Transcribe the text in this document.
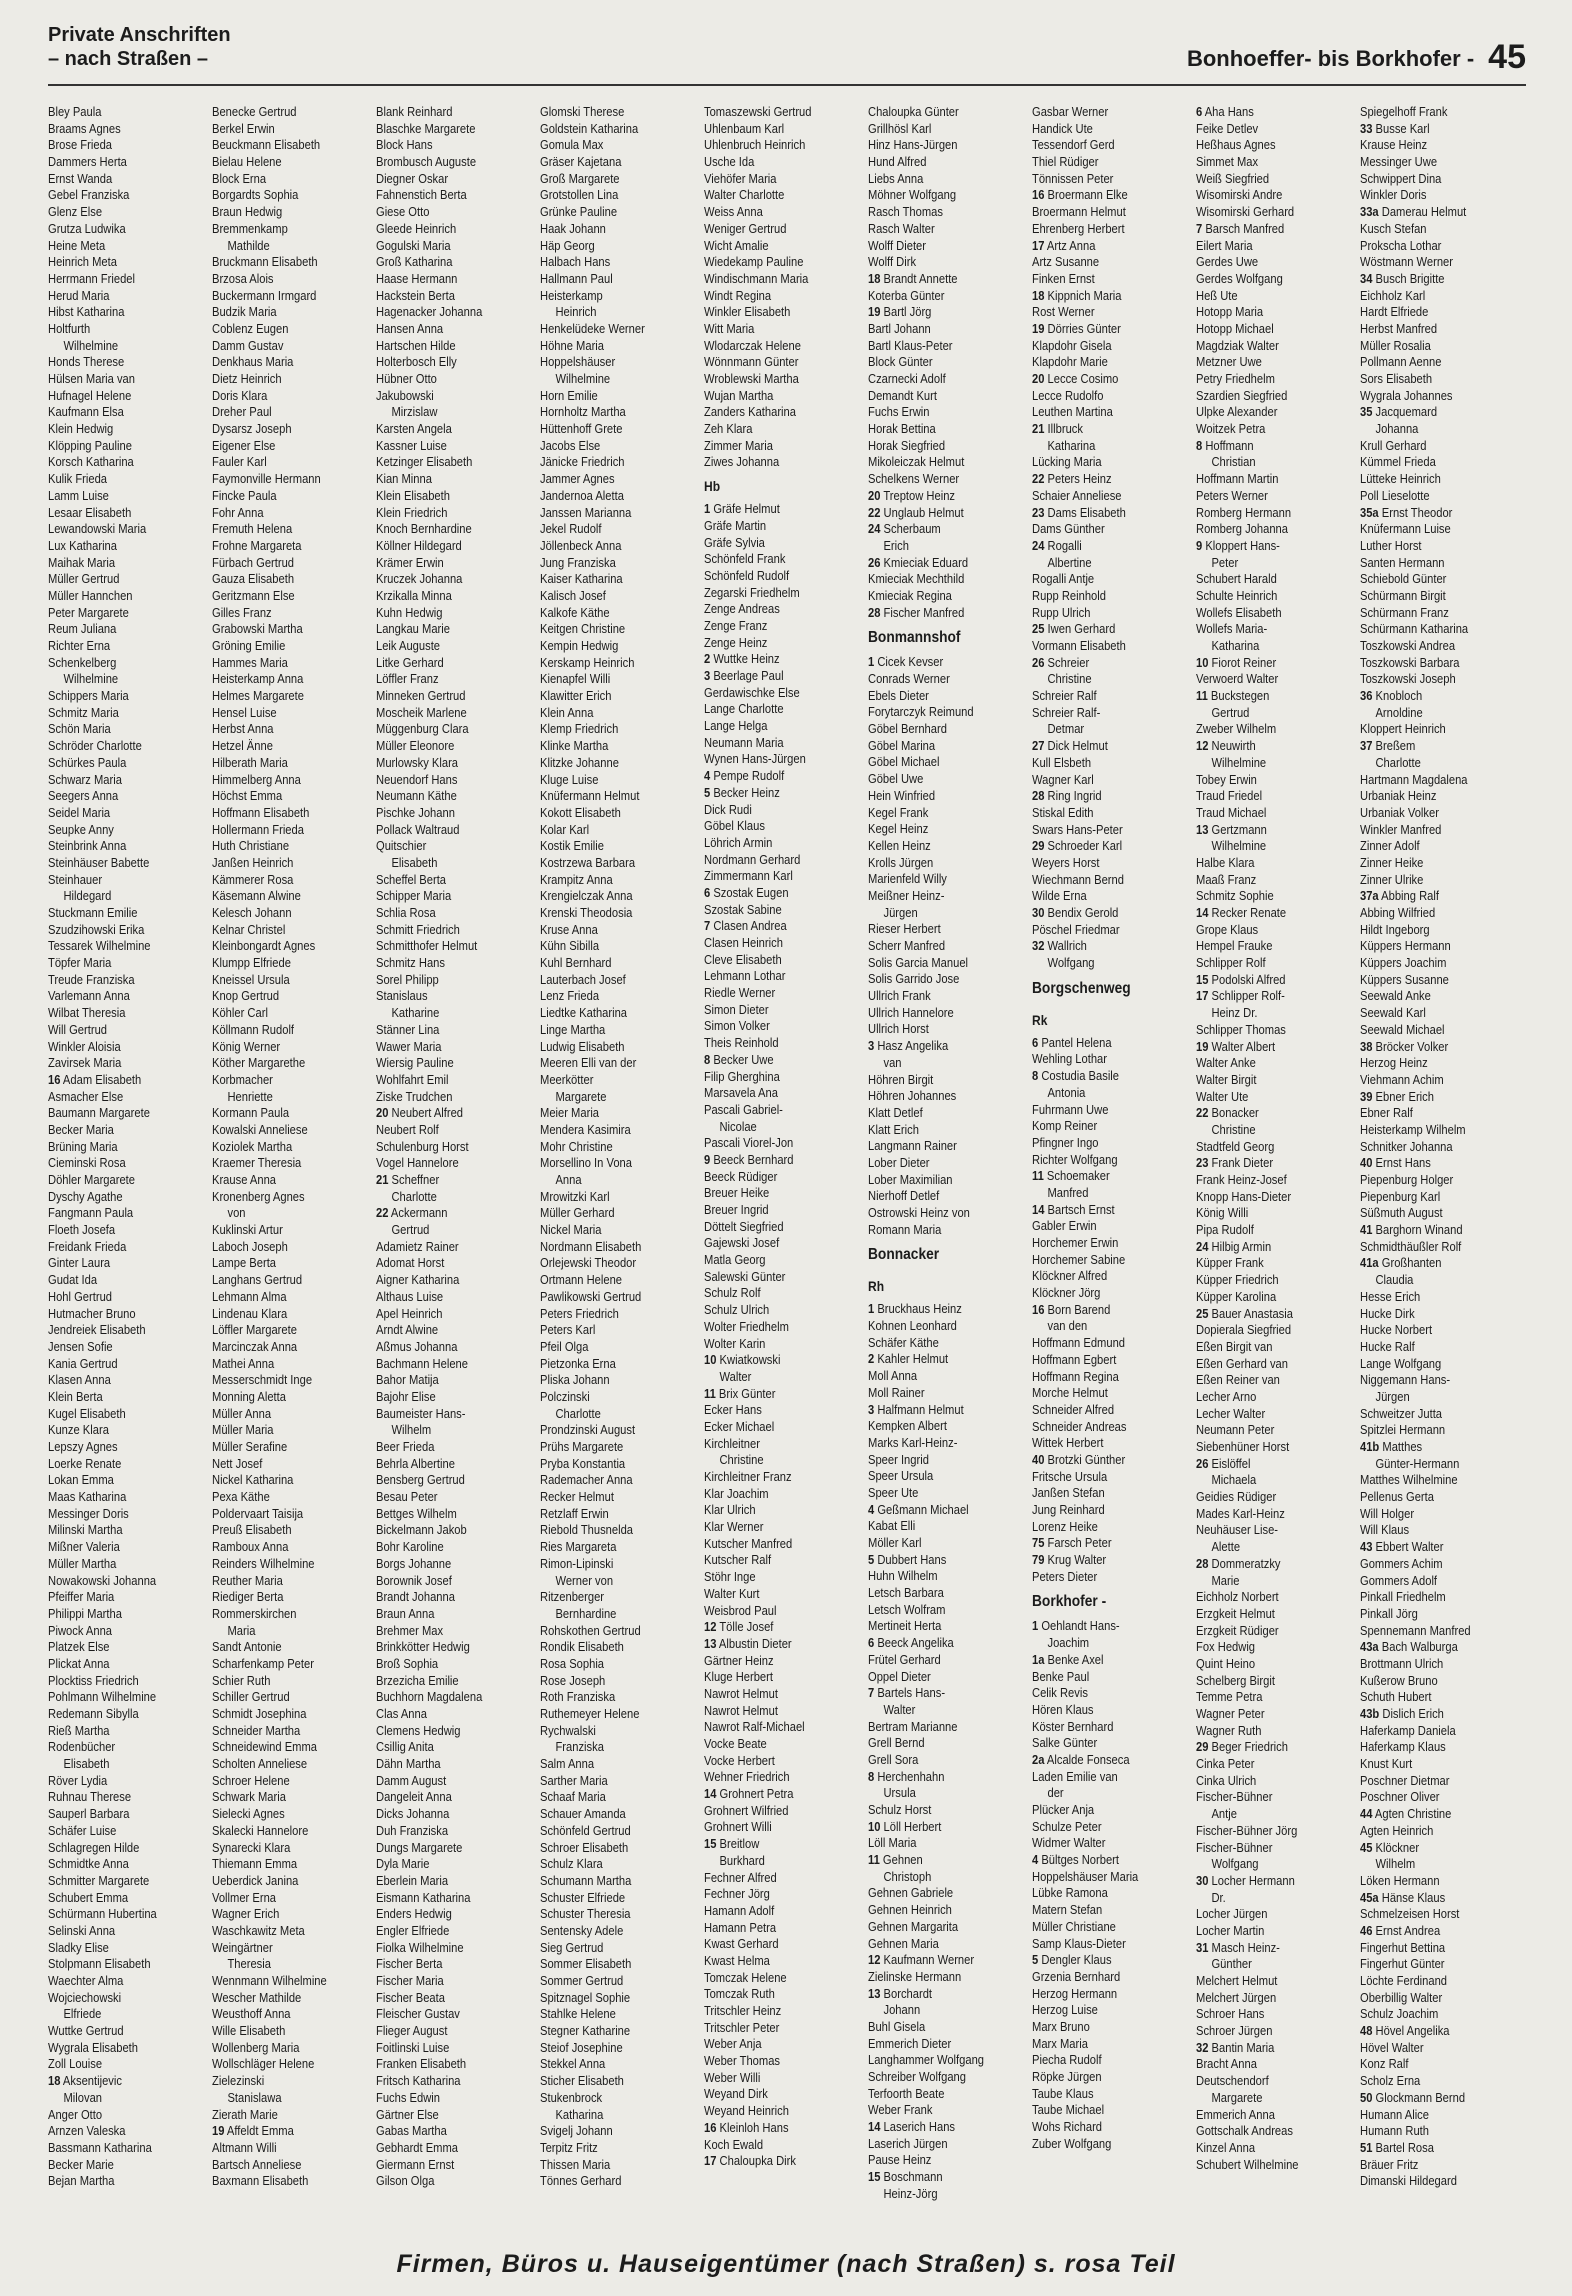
Private Anschriften
– nach Straßen –	Bonhoeffer- bis Borkhofer - 45
Bley Paula
Braams Agnes
Brose Frieda
Dammers Herta
Ernst Wanda
Gebel Franziska
Glenz Else
Grutza Ludwika
Heine Meta
Heinrich Meta
Herrmann Friedel
Herud Maria
Hibst Katharina
Holtfurth
Wilhelmine
Honds Therese
Hülsen Maria van
Hufnagel Helene
Kaufmann Elsa
Klein Hedwig
Klöpping Pauline
Korsch Katharina
Kulik Frieda
Lamm Luise
Lesaar Elisabeth
Lewandowski Maria
Lux Katharina
Maihak Maria
Müller Gertrud
Müller Hannchen
Peter Margarete
Reum Juliana
Richter Erna
Schenkelberg
Wilhelmine
Schippers Maria
Schmitz Maria
Schön Maria
Schröder Charlotte
Schürkes Paula
Schwarz Maria
Seegers Anna
Seidel Maria
Seupke Anny
Steinbrink Anna
Steinhäuser Babette
Steinhauer
Hildegard
Stuckmann Emilie
Szudzihowski Erika
Tessarek Wilhelmine
Töpfer Maria
Treude Franziska
Varlemann Anna
Wilbat Theresia
Will Gertrud
Winkler Aloisia
Zavirsek Maria
16 Adam Elisabeth
Asmacher Else
Baumann Margarete
Becker Maria
Brüning Maria
Cieminski Rosa
Döhler Margarete
Dyschy Agathe
Fangmann Paula
Floeth Josefa
Freidank Frieda
Ginter Laura
Gudat Ida
Hohl Gertrud
Hutmacher Bruno
Jendreiek Elisabeth
Jensen Sofie
Kania Gertrud
Klasen Anna
Klein Berta
Kugel Elisabeth
Kunze Klara
Lepszy Agnes
Loerke Renate
Lokan Emma
Maas Katharina
Messinger Doris
Milinski Martha
Mißner Valeria
Müller Martha
Nowakowski Johanna
Pfeiffer Maria
Philippi Martha
Piwock Anna
Platzek Else
Plickat Anna
Plocktiss Friedrich
Pohlmann Wilhelmine
Redemann Sibylla
Rieß Martha
Rodenbücher
Elisabeth
Röver Lydia
Ruhnau Therese
Sauperl Barbara
Schäfer Luise
Schlagregen Hilde
Schmidtke Anna
Schmitter Margarete
Schubert Emma
Schürmann Hubertina
Selinski Anna
Sladky Elise
Stolpmann Elisabeth
Waechter Alma
Wojciechowski
Elfriede
Wuttke Gertrud
Wygrala Elisabeth
Zoll Louise
18 Aksentijevic
Milovan
Anger Otto
Arnzen Valeska
Bassmann Katharina
Becker Marie
Bejan Martha
Benecke Gertrud
Berkel Erwin
Beuckmann Elisabeth
Bielau Helene
Block Erna
Borgardts Sophia
Braun Hedwig
Bremmenkamp
Mathilde
Bruckmann Elisabeth
Brzosa Alois
Buckermann Irmgard
Budzik Maria
Coblenz Eugen
Damm Gustav
Denkhaus Maria
Dietz Heinrich
Doris Klara
Dreher Paul
Dysarsz Joseph
Eigener Else
Fauler Karl
Faymonville Hermann
Fincke Paula
Fohr Anna
Fremuth Helena
Frohne Margareta
Fürbach Gertrud
Gauza Elisabeth
Geritzmann Else
Gilles Franz
Grabowski Martha
Gröning Emilie
Hammes Maria
Heisterkamp Anna
Helmes Margarete
Hensel Luise
Herbst Anna
Hetzel Änne
Hilberath Maria
Himmelberg Anna
Höchst Emma
Hoffmann Elisabeth
Hollermann Frieda
Huth Christiane
Janßen Heinrich
Kämmerer Rosa
Käsemann Alwine
Kelesch Johann
Kelnar Christel
Kleinbongardt Agnes
Klumpp Elfriede
Kneissel Ursula
Knop Gertrud
Köhler Carl
Köllmann Rudolf
König Werner
Köther Margarethe
Korbmacher
Henriette
Kormann Paula
Kowalski Anneliese
Koziolek Martha
Kraemer Theresia
Krause Anna
Kronenberg Agnes
von
Kuklinski Artur
Laboch Joseph
Lampe Berta
Langhans Gertrud
Lehmann Alma
Lindenau Klara
Löffler Margarete
Marcinczak Anna
Mathei Anna
Messerschmidt Inge
Monning Aletta
Müller Anna
Müller Maria
Müller Serafine
Nett Josef
Nickel Katharina
Pexa Käthe
Poldervaart Taisija
Preuß Elisabeth
Ramboux Anna
Reinders Wilhelmine
Reuther Maria
Riediger Berta
Rommerskirchen
Maria
Sandt Antonie
Scharfenkamp Peter
Schier Ruth
Schiller Gertrud
Schmidt Josephina
Schneider Martha
Schneidewind Emma
Scholten Anneliese
Schroer Helene
Schwark Maria
Sielecki Agnes
Skalecki Hannelore
Synarecki Klara
Thiemann Emma
Ueberdick Janina
Vollmer Erna
Wagner Erich
Waschkawitz Meta
Weingärtner
Theresia
Wennmann Wilhelmine
Wescher Mathilde
Weusthoff Anna
Wille Elisabeth
Wollenberg Maria
Wollschläger Helene
Zielezinski
Stanislawa
Zierath Marie
19 Affeldt Emma
Altmann Willi
Bartsch Anneliese
Baxmann Elisabeth
Blank Reinhard
Blaschke Margarete
Block Hans
Brombusch Auguste
Diegner Oskar
Fahnenstich Berta
Giese Otto
Gleede Heinrich
Gogulski Maria
Groß Katharina
Haase Hermann
Hackstein Berta
Hagenacker Johanna
Hansen Anna
Hartschen Hilde
Holterbosch Elly
Hübner Otto
Jakubowski
Mirzislaw
Karsten Angela
Kassner Luise
Ketzinger Elisabeth
Kian Minna
Klein Elisabeth
Klein Friedrich
Knoch Bernhardine
Köllner Hildegard
Krämer Erwin
Kruczek Johanna
Krzikalla Minna
Kuhn Hedwig
Langkau Marie
Leik Auguste
Litke Gerhard
Löffler Franz
Minneken Gertrud
Moscheik Marlene
Müggenburg Clara
Müller Eleonore
Murlowsky Klara
Neuendorf Hans
Neumann Käthe
Pischke Johann
Pollack Waltraud
Quitschier
Elisabeth
Scheffel Berta
Schipper Maria
Schlia Rosa
Schmitt Friedrich
Schmitthofer Helmut
Schmitz Hans
Sorel Philipp
Stanislaus
Katharine
Stänner Lina
Wawer Maria
Wiersig Pauline
Wohlfahrt Emil
Ziske Trudchen
20 Neubert Alfred
Neubert Rolf
Schulenburg Horst
Vogel Hannelore
21 Scheffner
Charlotte
22 Ackermann
Gertrud
Adamietz Rainer
Adomat Horst
Aigner Katharina
Althaus Luise
Apel Heinrich
Arndt Alwine
Aßmus Johanna
Bachmann Helene
Bahor Matija
Bajohr Elise
Baumeister Hans-
Wilhelm
Beer Frieda
Behrla Albertine
Bensberg Gertrud
Besau Peter
Bettges Wilhelm
Bickelmann Jakob
Bohr Karoline
Borgs Johanne
Borownik Josef
Brandt Johanna
Braun Anna
Brehmer Max
Brinkkötter Hedwig
Broß Sophia
Brzezicha Emilie
Buchhorn Magdalena
Clas Anna
Clemens Hedwig
Csillig Anita
Dähn Martha
Damm August
Dangeleit Anna
Dicks Johanna
Duh Franziska
Dungs Margarete
Dyla Marie
Eberlein Maria
Eismann Katharina
Enders Hedwig
Engler Elfriede
Fiolka Wilhelmine
Fischer Berta
Fischer Maria
Fischer Beata
Fleischer Gustav
Flieger August
Foitlinski Luise
Franken Elisabeth
Fritsch Katharina
Fuchs Edwin
Gärtner Else
Gabas Martha
Gebhardt Emma
Giermann Ernst
Gilson Olga
Glomski Therese
Goldstein Katharina
Gomula Max
Gräser Kajetana
Groß Margarete
Grotstollen Lina
Grünke Pauline
Haak Johann
Häp Georg
Halbach Hans
Hallmann Paul
Heisterkamp
Heinrich
Henkelüdeke Werner
Höhne Maria
Hoppelshäuser
Wilhelmine
Horn Emilie
Hornholtz Martha
Hüttenhoff Grete
Jacobs Else
Jänicke Friedrich
Jammer Agnes
Jandernoa Aletta
Janssen Marianna
Jekel Rudolf
Jöllenbeck Anna
Jung Franziska
Kaiser Katharina
Kalisch Josef
Kalkofe Käthe
Keitgen Christine
Kempin Hedwig
Kerskamp Heinrich
Kienapfel Willi
Klawitter Erich
Klein Anna
Klemp Friedrich
Klinke Martha
Klitzke Johanne
Kluge Luise
Knüfermann Helmut
Kokott Elisabeth
Kolar Karl
Kostik Emilie
Kostrzewa Barbara
Krampitz Anna
Krengielczak Anna
Krenski Theodosia
Kruse Anna
Kühn Sibilla
Kuhl Bernhard
Lauterbach Josef
Lenz Frieda
Liedtke Katharina
Linge Martha
Ludwig Elisabeth
Meeren Elli van der
Meerkötter
Margarete
Meier Maria
Mendera Kasimira
Mohr Christine
Morsellino In Vona
Anna
Mrowitzki Karl
Müller Gerhard
Nickel Maria
Nordmann Elisabeth
Orlejewski Theodor
Ortmann Helene
Pawlikowski Gertrud
Peters Friedrich
Peters Karl
Pfeil Olga
Pietzonka Erna
Pliska Johann
Polczinski
Charlotte
Prondzinski August
Prühs Margarete
Pryba Konstantia
Rademacher Anna
Recker Helmut
Retzlaff Erwin
Riebold Thusnelda
Ries Margareta
Rimon-Lipinski
Werner von
Ritzenberger
Bernhardine
Rohskothen Gertrud
Rondik Elisabeth
Rosa Sophia
Rose Joseph
Roth Franziska
Ruthemeyer Helene
Rychwalski
Franziska
Salm Anna
Sarther Maria
Schaaf Maria
Schauer Amanda
Schönfeld Gertrud
Schroer Elisabeth
Schulz Klara
Schumann Martha
Schuster Elfriede
Schuster Theresia
Sentensky Adele
Sieg Gertrud
Sommer Elisabeth
Sommer Gertrud
Spitznagel Sophie
Stahlke Helene
Stegner Katharine
Steiof Josephine
Stekkel Anna
Sticher Elisabeth
Stukenbrock
Katharina
Svigelj Johann
Terpitz Fritz
Thissen Maria
Tönnes Gerhard
Tomaszewski Gertrud
Uhlenbaum Karl
Uhlenbruch Heinrich
Usche Ida
Viehöfer Maria
Walter Charlotte
Weiss Anna
Weniger Gertrud
Wicht Amalie
Wiedekamp Pauline
Windischmann Maria
Windt Regina
Winkler Elisabeth
Witt Maria
Wlodarczak Helene
Wönnmann Günter
Wroblewski Martha
Wujan Martha
Zanders Katharina
Zeh Klara
Zimmer Maria
Ziwes Johanna
Hb
1 Gräfe Helmut
Gräfe Martin
Gräfe Sylvia
Schönfeld Frank
Schönfeld Rudolf
Zegarski Friedhelm
Zenge Andreas
Zenge Franz
Zenge Heinz
2 Wuttke Heinz
3 Beerlage Paul
Gerdawischke Else
Lange Charlotte
Lange Helga
Neumann Maria
Wynen Hans-Jürgen
4 Pempe Rudolf
5 Becker Heinz
Dick Rudi
Göbel Klaus
Löhrich Armin
Nordmann Gerhard
Zimmermann Karl
6 Szostak Eugen
Szostak Sabine
7 Clasen Andrea
Clasen Heinrich
Cleve Elisabeth
Lehmann Lothar
Riedle Werner
Simon Dieter
Simon Volker
Theis Reinhold
8 Becker Uwe
Filip Gherghina
Marsavela Ana
Pascali Gabriel-
Nicolae
Pascali Viorel-Jon
9 Beeck Bernhard
Beeck Rüdiger
Breuer Heike
Breuer Ingrid
Döttelt Siegfried
Gajewski Josef
Matla Georg
Salewski Günter
Schulz Rolf
Schulz Ulrich
Wolter Friedhelm
Wolter Karin
10 Kwiatkowski
Walter
11 Brix Günter
Ecker Hans
Ecker Michael
Kirchleitner
Christine
Kirchleitner Franz
Klar Joachim
Klar Ulrich
Klar Werner
Kutscher Manfred
Kutscher Ralf
Stöhr Inge
Walter Kurt
Weisbrod Paul
12 Tölle Josef
13 Albustin Dieter
Gärtner Heinz
Kluge Herbert
Nawrot Helmut
Nawrot Helmut
Nawrot Ralf-Michael
Vocke Beate
Vocke Herbert
Wehner Friedrich
14 Grohnert Petra
Grohnert Wilfried
Grohnert Willi
15 Breitlow
Burkhard
Fechner Alfred
Fechner Jörg
Hamann Adolf
Hamann Petra
Kwast Gerhard
Kwast Helma
Tomczak Helene
Tomczak Ruth
Tritschler Heinz
Tritschler Peter
Weber Anja
Weber Thomas
Weber Willi
Weyand Dirk
Weyand Heinrich
16 Kleinloh Hans
Koch Ewald
17 Chaloupka Dirk
Chaloupka Günter
Grillhösl Karl
Hinz Hans-Jürgen
Hund Alfred
Liebs Anna
Möhner Wolfgang
Rasch Thomas
Rasch Walter
Wolff Dieter
Wolff Dirk
18 Brandt Annette
Koterba Günter
19 Bartl Jörg
Bartl Johann
Bartl Klaus-Peter
Block Günter
Czarnecki Adolf
Demandt Kurt
Fuchs Erwin
Horak Bettina
Horak Siegfried
Mikoleiczak Helmut
Schelkens Werner
20 Treptow Heinz
22 Unglaub Helmut
24 Scherbaum
Erich
26 Kmieciak Eduard
Kmieciak Mechthild
Kmieciak Regina
28 Fischer Manfred
Bonmannshof
1 Cicek Kevser
Conrads Werner
Ebels Dieter
Forytarczyk Reimund
Göbel Bernhard
Göbel Marina
Göbel Michael
Göbel Uwe
Hein Winfried
Kegel Frank
Kegel Heinz
Kellen Heinz
Krolls Jürgen
Marienfeld Willy
Meißner Heinz-
Jürgen
Rieser Herbert
Scherr Manfred
Solis Garcia Manuel
Solis Garrido Jose
Ullrich Frank
Ullrich Hannelore
Ullrich Horst
3 Hasz Angelika
van
Höhren Birgit
Höhren Johannes
Klatt Detlef
Klatt Erich
Langmann Rainer
Lober Dieter
Lober Maximilian
Nierhoff Detlef
Ostrowski Heinz von
Romann Maria
Bonnacker
Rh
1 Bruckhaus Heinz
Kohnen Leonhard
Schäfer Käthe
2 Kahler Helmut
Moll Anna
Moll Rainer
3 Halfmann Helmut
Kempken Albert
Marks Karl-Heinz-
Speer Ingrid
Speer Ursula
Speer Ute
4 Geßmann Michael
Kabat Elli
Möller Karl
5 Dubbert Hans
Huhn Wilhelm
Letsch Barbara
Letsch Wolfram
Mertineit Herta
6 Beeck Angelika
Frütel Gerhard
Oppel Dieter
7 Bartels Hans-
Walter
Bertram Marianne
Grell Bernd
Grell Sora
8 Herchenhahn
Ursula
Schulz Horst
10 Löll Herbert
Löll Maria
11 Gehnen
Christoph
Gehnen Gabriele
Gehnen Heinrich
Gehnen Margarita
Gehnen Maria
12 Kaufmann Werner
Zielinske Hermann
13 Borchardt
Johann
Buhl Gisela
Emmerich Dieter
Langhammer Wolfgang
Schreiber Wolfgang
Terfoorth Beate
Weber Frank
14 Laserich Hans
Laserich Jürgen
Pause Heinz
15 Boschmann
Heinz-Jörg
Gasbar Werner
Handick Ute
Tessendorf Gerd
Thiel Rüdiger
Tönnissen Peter
16 Broermann Elke
Broermann Helmut
Ehrenberg Herbert
17 Artz Anna
Artz Susanne
Finken Ernst
18 Kippnich Maria
Rost Werner
19 Dörries Günter
Klapdohr Gisela
Klapdohr Marie
20 Lecce Cosimo
Lecce Rudolfo
Leuthen Martina
21 Illbruck
Katharina
Lücking Maria
22 Peters Heinz
Schaier Anneliese
23 Dams Elisabeth
Dams Günther
24 Rogalli
Albertine
Rogalli Antje
Rupp Reinhold
Rupp Ulrich
25 Iwen Gerhard
Vormann Elisabeth
26 Schreier
Christine
Schreier Ralf
Schreier Ralf-
Detmar
27 Dick Helmut
Kull Elsbeth
Wagner Karl
28 Ring Ingrid
Stiskal Edith
Swars Hans-Peter
29 Schroeder Karl
Weyers Horst
Wiechmann Bernd
Wilde Erna
30 Bendix Gerold
Pöschel Friedmar
32 Wallrich
Wolfgang
Borgschenweg
Rk
6 Pantel Helena
Wehling Lothar
8 Costudia Basile
Antonia
Fuhrmann Uwe
Komp Reiner
Pfingner Ingo
Richter Wolfgang
11 Schoemaker
Manfred
14 Bartsch Ernst
Gabler Erwin
Horchemer Erwin
Horchemer Sabine
Klöckner Alfred
Klöckner Jörg
16 Born Barend
van den
Hoffmann Edmund
Hoffmann Egbert
Hoffmann Regina
Morche Helmut
Schneider Alfred
Schneider Andreas
Wittek Herbert
40 Brotzki Günther
Fritsche Ursula
Janßen Stefan
Jung Reinhard
Lorenz Heike
75 Farsch Peter
79 Krug Walter
Peters Dieter
Borkhofer -
1 Oehlandt Hans-
Joachim
1a Benke Axel
Benke Paul
Celik Revis
Hören Klaus
Köster Bernhard
Salke Günter
2a Alcalde Fonseca
Laden Emilie van
der
Plücker Anja
Schulze Peter
Widmer Walter
4 Bültges Norbert
Hoppelshäuser Maria
Lübke Ramona
Matern Stefan
Müller Christiane
Samp Klaus-Dieter
5 Dengler Klaus
Grzenia Bernhard
Herzog Hermann
Herzog Luise
Marx Bruno
Marx Maria
Piecha Rudolf
Röpke Jürgen
Taube Klaus
Taube Michael
Wohs Richard
Zuber Wolfgang
6 Aha Hans
Feike Detlev
Heßhaus Agnes
Simmet Max
Weiß Siegfried
Wisomirski Andre
Wisomirski Gerhard
7 Barsch Manfred
Eilert Maria
Gerdes Uwe
Gerdes Wolfgang
Heß Ute
Hotopp Maria
Hotopp Michael
Magdziak Walter
Metzner Uwe
Petry Friedhelm
Szardien Siegfried
Ulpke Alexander
Woitzek Petra
8 Hoffmann
Christian
Hoffmann Martin
Peters Werner
Romberg Hermann
Romberg Johanna
9 Kloppert Hans-
Peter
Schubert Harald
Schulte Heinrich
Wollefs Elisabeth
Wollefs Maria-
Katharina
10 Fiorot Reiner
Verwoerd Walter
11 Buckstegen
Gertrud
Zweber Wilhelm
12 Neuwirth
Wilhelmine
Tobey Erwin
Traud Friedel
Traud Michael
13 Gertzmann
Wilhelmine
Halbe Klara
Maaß Franz
Schmitz Sophie
14 Recker Renate
Grope Klaus
Hempel Frauke
Schlipper Rolf
15 Podolski Alfred
17 Schlipper Rolf-
Heinz Dr.
Schlipper Thomas
19 Walter Albert
Walter Anke
Walter Birgit
Walter Ute
22 Bonacker
Christine
Stadtfeld Georg
23 Frank Dieter
Frank Heinz-Josef
Knopp Hans-Dieter
König Willi
Pipa Rudolf
24 Hilbig Armin
Küpper Frank
Küpper Friedrich
Küpper Karolina
25 Bauer Anastasia
Dopierala Siegfried
Eßen Birgit van
Eßen Gerhard van
Eßen Reiner van
Lecher Arno
Lecher Walter
Neumann Peter
Siebenhüner Horst
26 Eislöffel
Michaela
Geidies Rüdiger
Mades Karl-Heinz
Neuhäuser Lise-
Alette
28 Dommeratzky
Marie
Eichholz Norbert
Erzgkeit Helmut
Erzgkeit Rüdiger
Fox Hedwig
Quint Heino
Schelberg Birgit
Temme Petra
Wagner Peter
Wagner Ruth
29 Beger Friedrich
Cinka Peter
Cinka Ulrich
Fischer-Bühner
Antje
Fischer-Bühner Jörg
Fischer-Bühner
Wolfgang
30 Locher Hermann
Dr.
Locher Jürgen
Locher Martin
31 Masch Heinz-
Günther
Melchert Helmut
Melchert Jürgen
Schroer Hans
Schroer Jürgen
32 Bantin Maria
Bracht Anna
Deutschendorf
Margarete
Emmerich Anna
Gottschalk Andreas
Kinzel Anna
Schubert Wilhelmine
Spiegelhoff Frank
33 Busse Karl
Krause Heinz
Messinger Uwe
Schwippert Dina
Winkler Doris
33a Damerau Helmut
Kusch Stefan
Prokscha Lothar
Wöstmann Werner
34 Busch Brigitte
Eichholz Karl
Hardt Elfriede
Herbst Manfred
Müller Rosalia
Pollmann Aenne
Sors Elisabeth
Wygrala Johannes
35 Jacquemard
Johanna
Krull Gerhard
Kümmel Frieda
Lütteke Heinrich
Poll Lieselotte
35a Ernst Theodor
Knüfermann Luise
Luther Horst
Santen Hermann
Schiebold Günter
Schürmann Birgit
Schürmann Franz
Schürmann Katharina
Toszkowski Andrea
Toszkowski Barbara
Toszkowski Joseph
36 Knobloch
Arnoldine
Kloppert Heinrich
37 Breßem
Charlotte
Hartmann Magdalena
Urbaniak Heinz
Urbaniak Volker
Winkler Manfred
Zinner Adolf
Zinner Heike
Zinner Ulrike
37a Abbing Ralf
Abbing Wilfried
Hildt Ingeborg
Küppers Hermann
Küppers Joachim
Küppers Susanne
Seewald Anke
Seewald Karl
Seewald Michael
38 Bröcker Volker
Herzog Heinz
Viehmann Achim
39 Ebner Erich
Ebner Ralf
Heisterkamp Wilhelm
Schnitker Johanna
40 Ernst Hans
Piepenburg Holger
Piepenburg Karl
Süßmuth August
41 Barghorn Winand
Schmidthäußler Rolf
41a Großhanten
Claudia
Hesse Erich
Hucke Dirk
Hucke Norbert
Hucke Ralf
Lange Wolfgang
Niggemann Hans-
Jürgen
Schweitzer Jutta
Spitzlei Hermann
41b Matthes
Günter-Hermann
Matthes Wilhelmine
Pellenus Gerta
Will Holger
Will Klaus
43 Ebbert Walter
Gommers Achim
Gommers Adolf
Pinkall Friedhelm
Pinkall Jörg
Spennemann Manfred
43a Bach Walburga
Brottmann Ulrich
Kußerow Bruno
Schuth Hubert
43b Dislich Erich
Haferkamp Daniela
Haferkamp Klaus
Knust Kurt
Poschner Dietmar
Poschner Oliver
44 Agten Christine
Agten Heinrich
45 Klöckner
Wilhelm
Löken Hermann
45a Hänse Klaus
Schmelzeisen Horst
46 Ernst Andrea
Fingerhut Bettina
Fingerhut Günter
Löchte Ferdinand
Oberbillig Walter
Schulz Joachim
48 Hövel Angelika
Hövel Walter
Konz Ralf
Scholz Erna
50 Glockmann Bernd
Humann Alice
Humann Ruth
51 Bartel Rosa
Bräuer Fritz
Dimanski Hildegard
Firmen, Büros u. Hauseigentümer (nach Straßen) s. rosa Teil
